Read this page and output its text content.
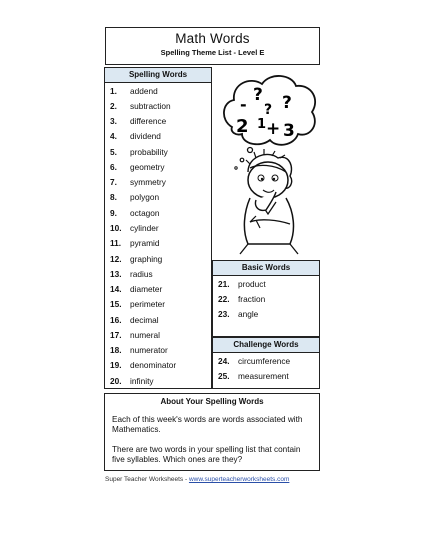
Math Words
Spelling Theme List - Level E
Spelling Words
1.	addend
2.	subtraction
3.	difference
4.	dividend
5.	probability
6.	geometry
7.	symmetry
8.	polygon
9.	octagon
10.	cylinder
11.	pyramid
12.	graphing
13.	radius
14.	diameter
15.	perimeter
16.	decimal
17.	numeral
18.	numerator
19.	denominator
20.	infinity
Basic Words
21.	product
22.	fraction
23.	angle
Challenge Words
24.	circumference
25.	measurement
- ? ?
2 1 + 3
?
About Your Spelling Words

Each of this week's words are words associated with Mathematics.

There are two words in your spelling list that contain five syllables. Which ones are they?

Super Teacher Worksheets - www.superteacherworksheets.com
